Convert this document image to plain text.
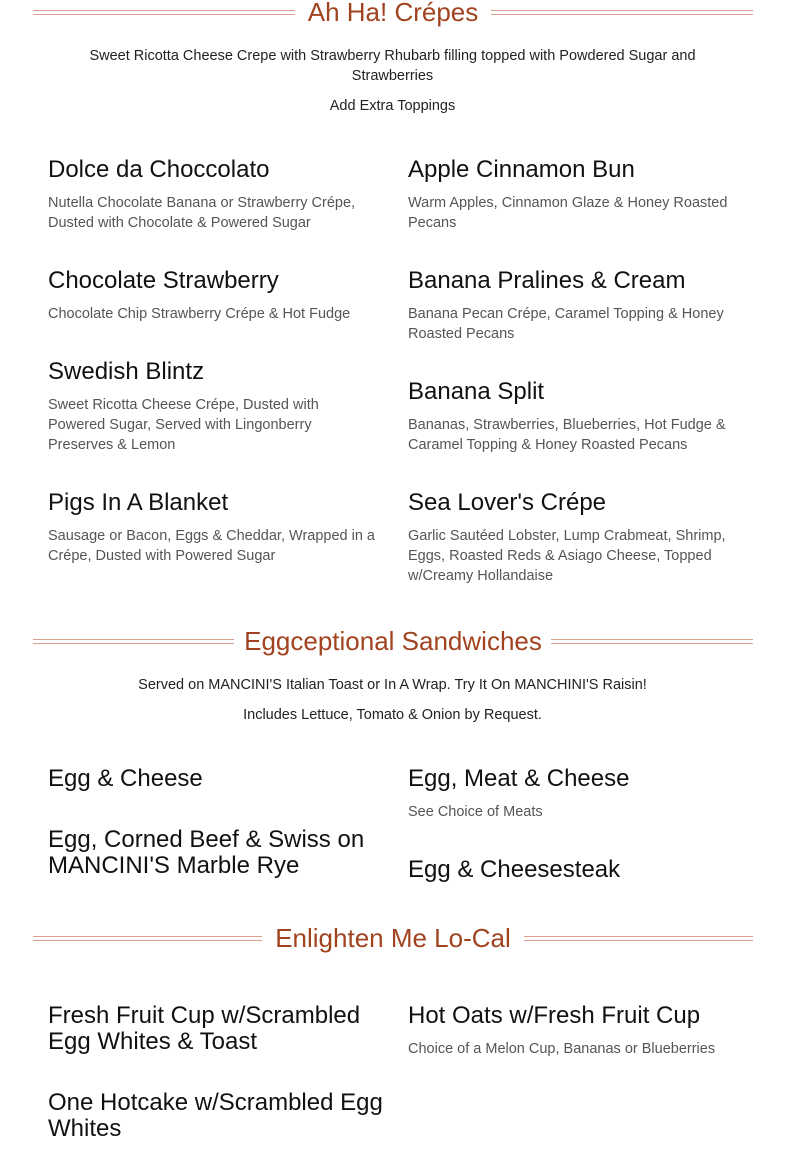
Ah Ha! Crépes
Sweet Ricotta Cheese Crepe with Strawberry Rhubarb filling topped with Powdered Sugar and Strawberries
Add Extra Toppings
Dolce da Choccolato
Nutella Chocolate Banana or Strawberry Crépe, Dusted with Chocolate & Powered Sugar
Apple Cinnamon Bun
Warm Apples, Cinnamon Glaze & Honey Roasted Pecans
Chocolate Strawberry
Chocolate Chip Strawberry Crépe & Hot Fudge
Banana Pralines & Cream
Banana Pecan Crépe, Caramel Topping & Honey Roasted Pecans
Swedish Blintz
Sweet Ricotta Cheese Crépe, Dusted with Powered Sugar, Served with Lingonberry Preserves & Lemon
Banana Split
Bananas, Strawberries, Blueberries, Hot Fudge & Caramel Topping & Honey Roasted Pecans
Pigs In A Blanket
Sausage or Bacon, Eggs & Cheddar, Wrapped in a Crépe, Dusted with Powered Sugar
Sea Lover's Crépe
Garlic Sautéed Lobster, Lump Crabmeat, Shrimp, Eggs, Roasted Reds & Asiago Cheese, Topped w/Creamy Hollandaise
Eggceptional Sandwiches
Served on MANCINI'S Italian Toast or In A Wrap. Try It On MANCHINI'S Raisin!
Includes Lettuce, Tomato & Onion by Request.
Egg & Cheese	Egg, Meat & Cheese
See Choice of Meats
Egg, Corned Beef & Swiss on MANCINI'S Marble Rye	Egg & Cheesesteak
Enlighten Me Lo-Cal
Fresh Fruit Cup w/Scrambled Egg Whites & Toast
Hot Oats w/Fresh Fruit Cup
Choice of a Melon Cup, Bananas or Blueberries
One Hotcake w/Scrambled Egg Whites
